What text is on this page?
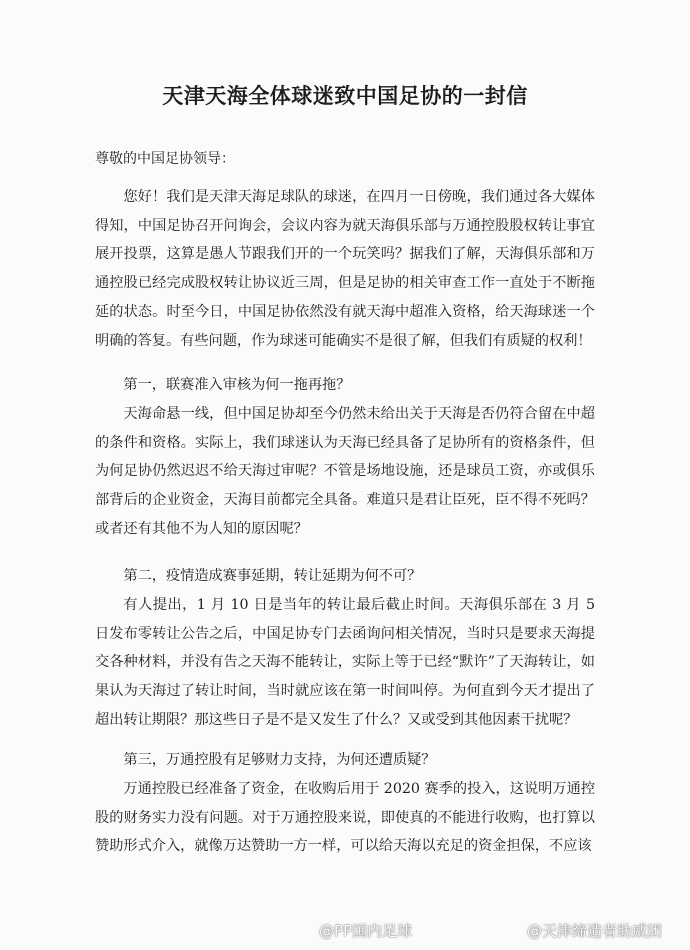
天津天海全体球迷致中国足协的一封信

尊敬的中国足协领导：

您好！我们是天津天海足球队的球迷，在四月一日傍晚，我们通过各大媒体得知，中国足协召开问询会，会议内容为就天海俱乐部与万通控股股权转让事宜展开投票，这算是愚人节跟我们开的一个玩笑吗？据我们了解，天海俱乐部和万通控股已经完成股权转让协议近三周，但是足协的相关审查工作一直处于不断拖延的状态。时至今日，中国足协依然没有就天海中超准入资格，给天海球迷一个明确的答复。有些问题，作为球迷可能确实不是很了解，但我们有质疑的权利！

第一，联赛准入审核为何一拖再拖？

天海命悬一线，但中国足协却至今仍然未给出关于天海是否仍符合留在中超的条件和资格。实际上，我们球迷认为天海已经具备了足协所有的资格条件，但为何足协仍然迟迟不给天海过审呢？不管是场地设施，还是球员工资，亦或俱乐部背后的企业资金，天海目前都完全具备。难道只是君让臣死，臣不得不死吗？或者还有其他不为人知的原因呢？

第二，疫情造成赛事延期，转让延期为何不可？

有人提出，1 月 10 日是当年的转让最后截止时间。天海俱乐部在 3 月 5 日发布零转让公告之后，中国足协专门去函询问相关情况，当时只是要求天海提交各种材料，并没有告之天海不能转让，实际上等于已经“默许”了天海转让，如果认为天海过了转让时间，当时就应该在第一时间叫停。为何直到今天才提出了超出转让期限？那这些日子是不是又发生了什么？又或受到其他因素干扰呢？

第三，万通控股有足够财力支持，为何还遭质疑？

万通控股已经准备了资金，在收购后用于 2020 赛季的投入，这说明万通控股的财务实力没有问题。对于万通控股来说，即使真的不能进行收购，也打算以赞助形式介入，就像万达赞助一方一样，可以给天海以充足的资金担保，不应该

@PP国内足球	@天津缔造者助威团
